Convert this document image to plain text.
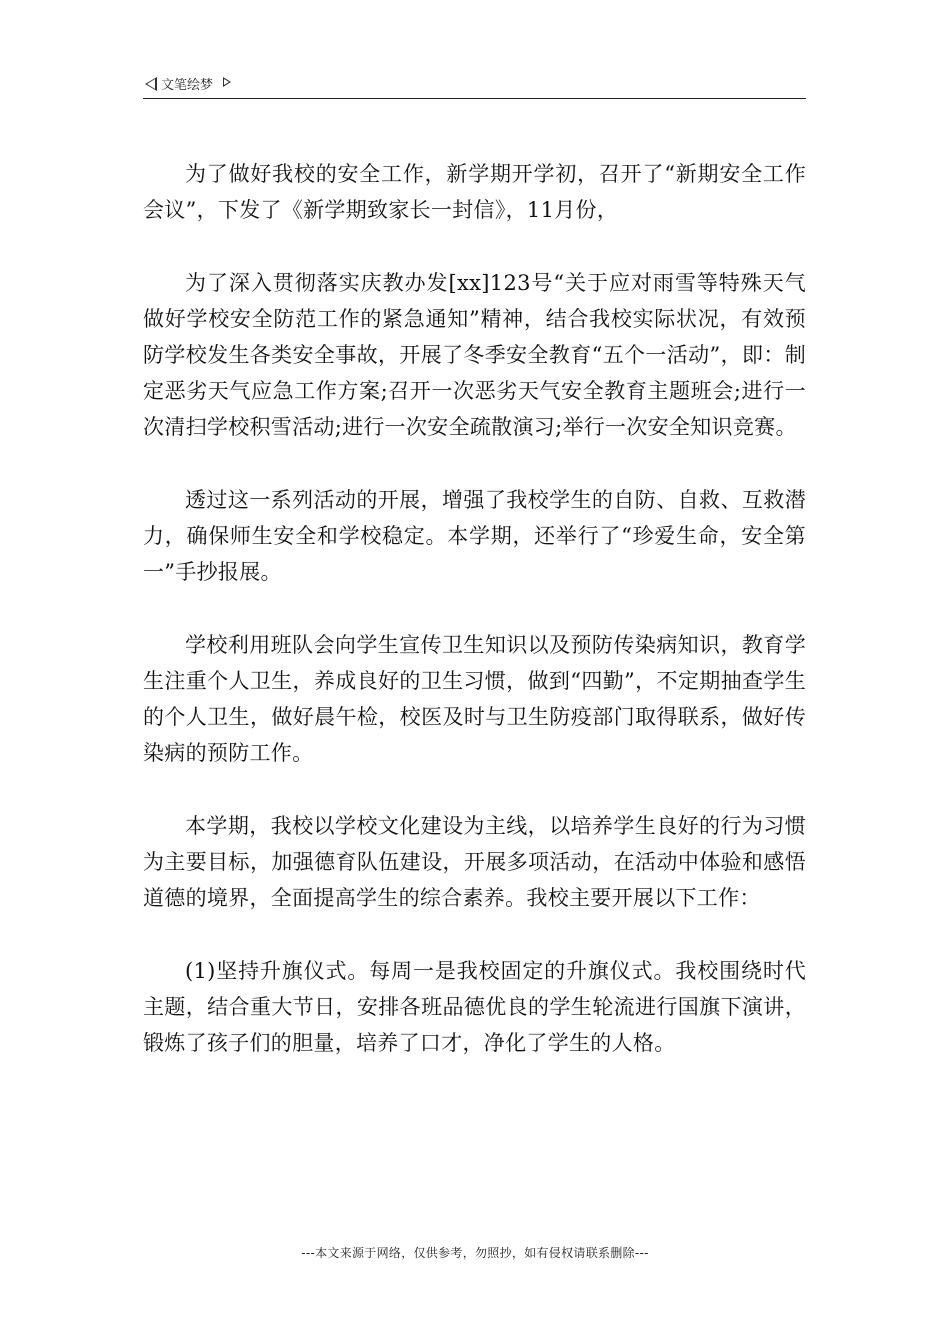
文笔绘梦

为了做好我校的安全工作，新学期开学初，召开了“新期安全工作会议”，下发了《新学期致家长一封信》，11月份，

为了深入贯彻落实庆教办发[xx]123号“关于应对雨雪等特殊天气做好学校安全防范工作的紧急通知”精神，结合我校实际状况，有效预防学校发生各类安全事故，开展了冬季安全教育“五个一活动”，即：制定恶劣天气应急工作方案;召开一次恶劣天气安全教育主题班会;进行一次清扫学校积雪活动;进行一次安全疏散演习;举行一次安全知识竞赛。

透过这一系列活动的开展，增强了我校学生的自防、自救、互救潜力，确保师生安全和学校稳定。本学期，还举行了“珍爱生命，安全第一”手抄报展。

学校利用班队会向学生宣传卫生知识以及预防传染病知识，教育学生注重个人卫生，养成良好的卫生习惯，做到“四勤”，不定期抽查学生的个人卫生，做好晨午检，校医及时与卫生防疫部门取得联系，做好传染病的预防工作。

本学期，我校以学校文化建设为主线，以培养学生良好的行为习惯为主要目标，加强德育队伍建设，开展多项活动，在活动中体验和感悟道德的境界，全面提高学生的综合素养。我校主要开展以下工作：

(1)坚持升旗仪式。每周一是我校固定的升旗仪式。我校围绕时代主题，结合重大节日，安排各班品德优良的学生轮流进行国旗下演讲，锻炼了孩子们的胆量，培养了口才，净化了学生的人格。

---本文来源于网络，仅供参考，勿照抄，如有侵权请联系删除---
